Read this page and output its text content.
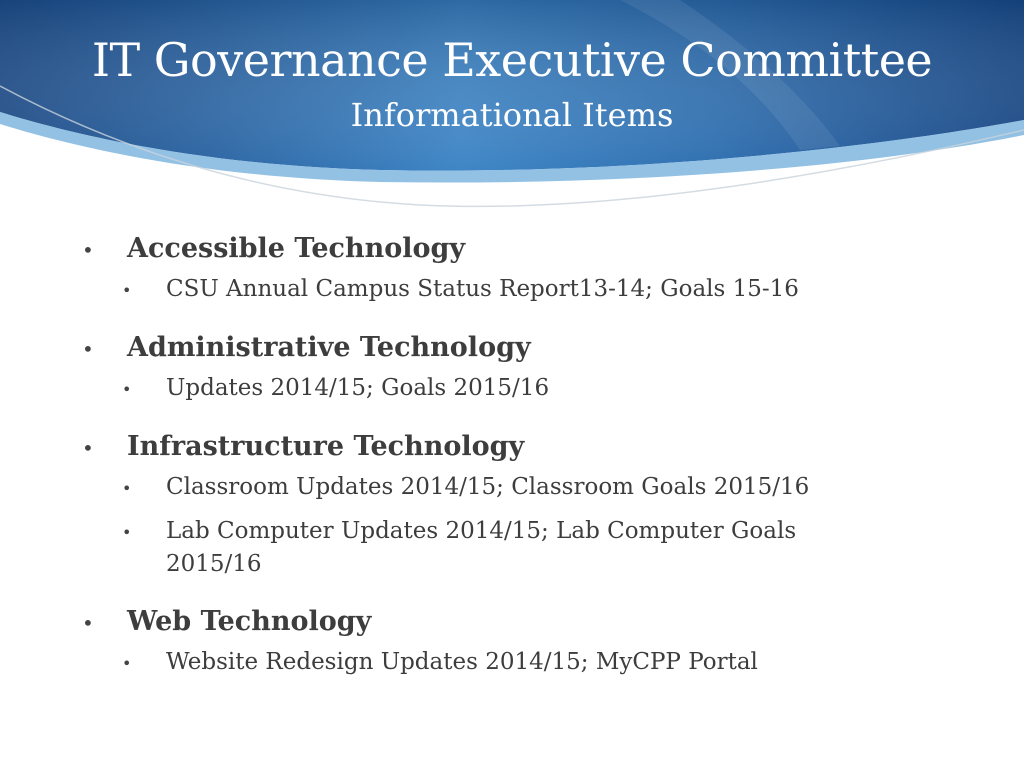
IT Governance Executive Committee
Informational Items
•	Accessible Technology
•	CSU Annual Campus Status Report13-14; Goals 15-16
•	Administrative Technology
•	Updates 2014/15; Goals 2015/16
•	Infrastructure Technology
•	Classroom Updates 2014/15; Classroom Goals 2015/16
•	Lab Computer Updates 2014/15; Lab Computer Goals 2015/16
•	Web Technology
•	Website Redesign Updates 2014/15; MyCPP Portal
